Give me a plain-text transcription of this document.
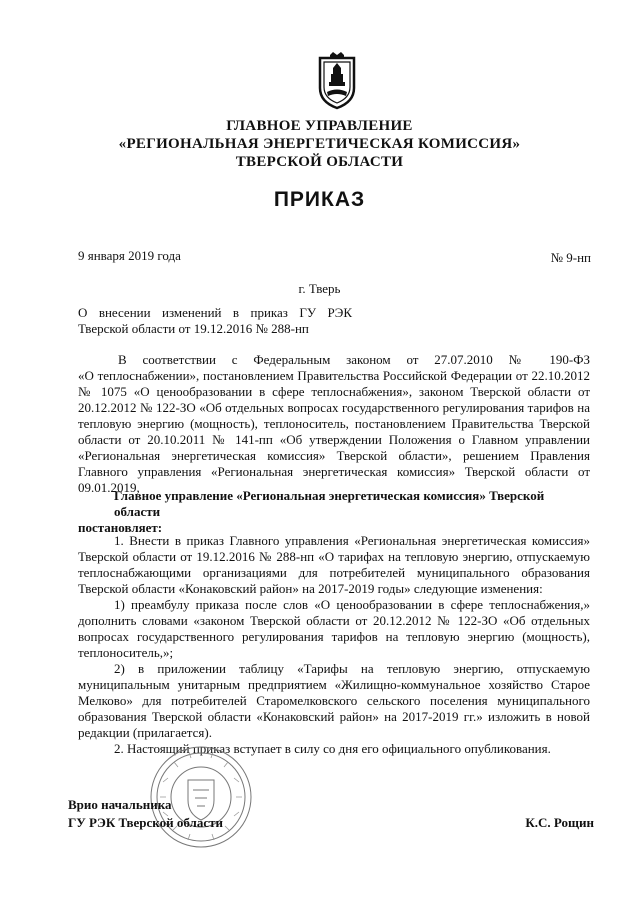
ГЛАВНОЕ УПРАВЛЕНИЕ
«РЕГИОНАЛЬНАЯ ЭНЕРГЕТИЧЕСКАЯ КОМИССИЯ»
ТВЕРСКОЙ ОБЛАСТИ
ПРИКАЗ
9 января 2019 года	№ 9-нп
г. Тверь

О внесении изменений в приказ ГУ РЭК

Тверской области от 19.12.2016 № 288-нп

В соответствии с Федеральным законом от 27.07.2010 № 190-ФЗ

«О теплоснабжении», постановлением Правительства Российской Федерации от 22.10.2012 № 1075 «О ценообразовании в сфере теплоснабжения», законом Тверской области от 20.12.2012 № 122-ЗО «Об отдельных вопросах государственного регулирования тарифов на тепловую энергию (мощность), теплоноситель, постановлением Правительства Тверской области от 20.10.2011 № 141-пп «Об утверждении Положения о Главном управлении «Региональная энергетическая комиссия» Тверской области», решением Правления Главного управления «Региональная энергетическая комиссия» Тверской области от 09.01.2019,

Главное управление «Региональная энергетическая комиссия» Тверской области

постановляет:

1. Внести в приказ Главного управления «Региональная энергетическая комиссия» Тверской области от 19.12.2016 № 288-нп «О тарифах на тепловую энергию, отпускаемую теплоснабжающими организациями для потребителей муниципального образования Тверской области «Конаковский район» на 2017-2019 годы» следующие изменения:

1) преамбулу приказа после слов «О ценообразовании в сфере теплоснабжения,» дополнить словами «законом Тверской области от 20.12.2012 № 122-ЗО «Об отдельных вопросах государственного регулирования тарифов на тепловую энергию (мощность), теплоноситель,»;

2) в приложении таблицу «Тарифы на тепловую энергию, отпускаемую муниципальным унитарным предприятием «Жилищно-коммунальное хозяйство Старое Мелково» для потребителей Старомелковского сельского поселения муниципального образования Тверской области «Конаковский район» на 2017-2019 гг.» изложить в новой редакции (прилагается).

2. Настоящий приказ вступает в силу со дня его официального опубликования.

Врио начальника
ГУ РЭК Тверской области	К.С. Рощин
